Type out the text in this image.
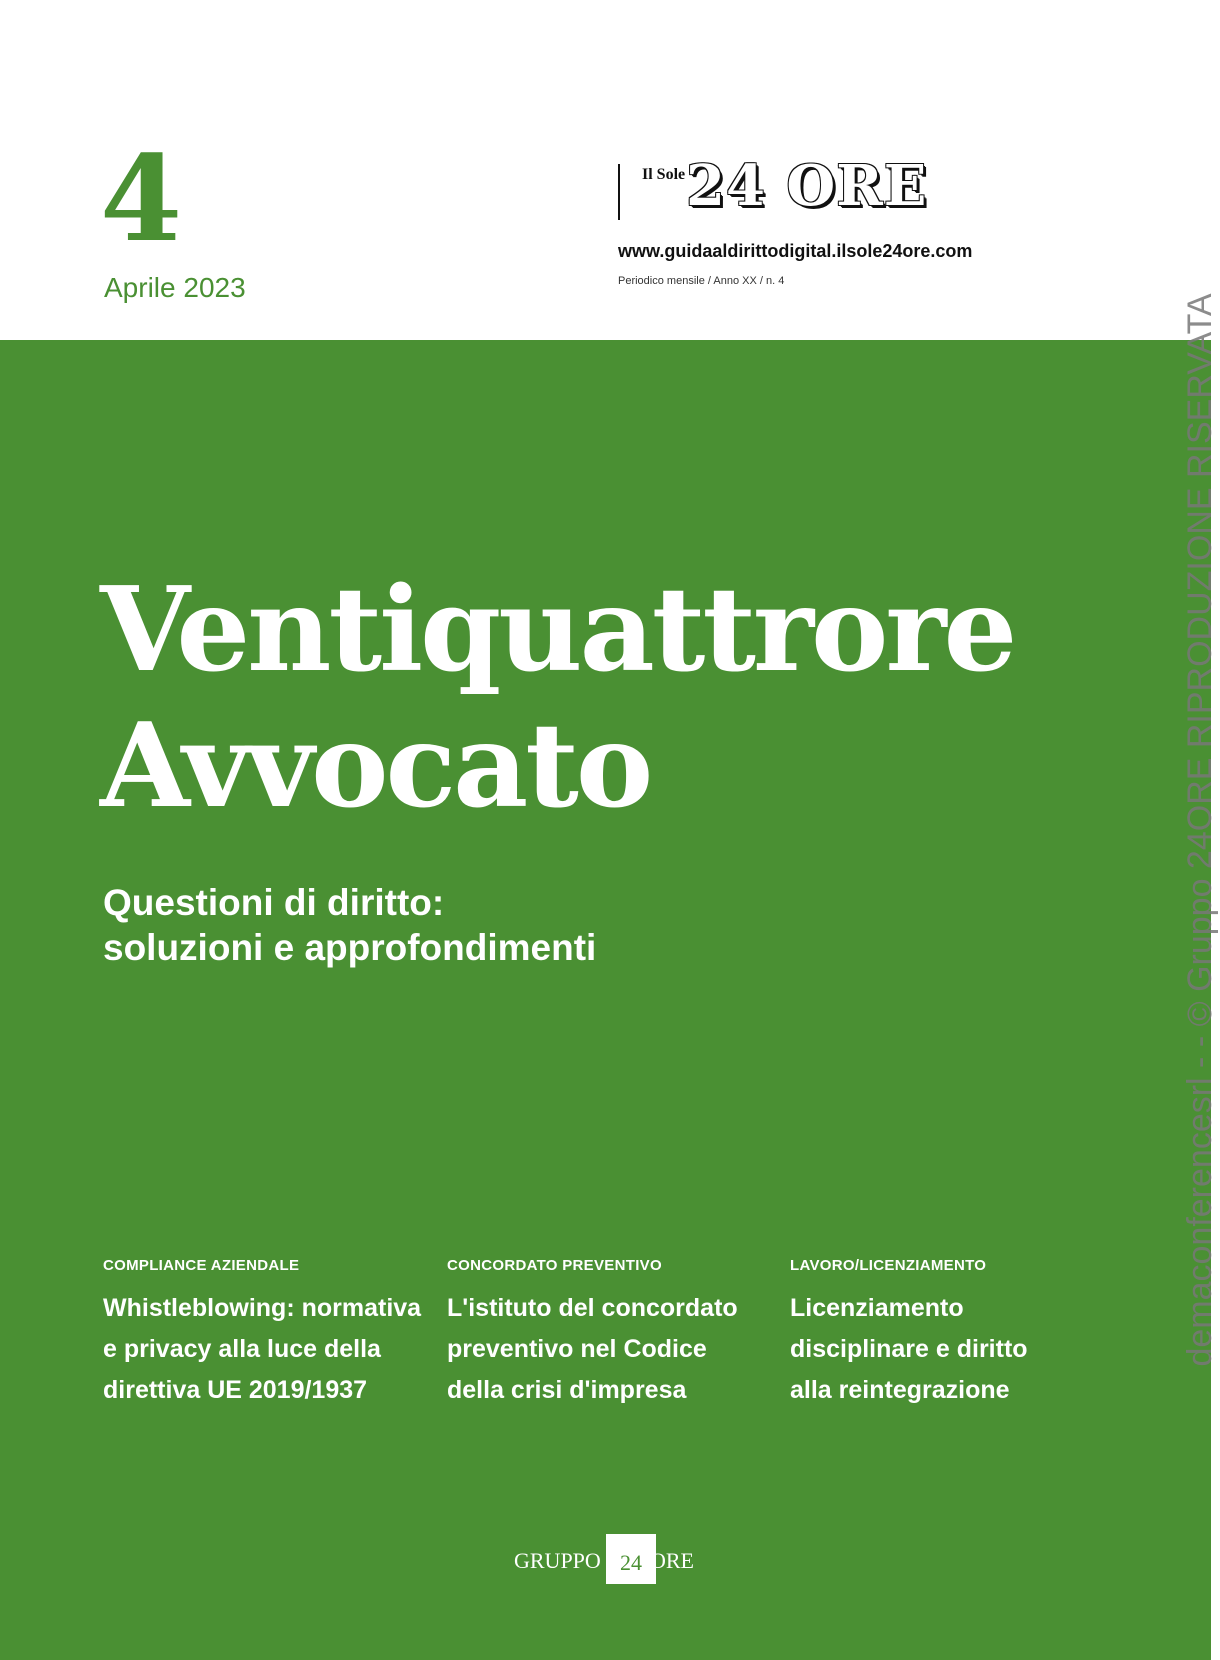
4
Aprile 2023
Il Sole 24 ORE
www.guidaaldirittodigital.ilsole24ore.com
Periodico mensile / Anno XX / n. 4
Ventiquattrore
Avvocato
Questioni di diritto:
soluzioni e approfondimenti
COMPLIANCE AZIENDALE
Whistleblowing: normativa
e privacy alla luce della
direttiva UE 2019/1937
CONCORDATO PREVENTIVO
L'istituto del concordato
preventivo nel Codice
della crisi d'impresa
LAVORO/LICENZIAMENTO
Licenziamento
disciplinare e diritto
alla reintegrazione
GRUPPO 24 ORE
demaconferencesrl - - © Gruppo 24ORE RIPRODUZIONE RISERVATA
